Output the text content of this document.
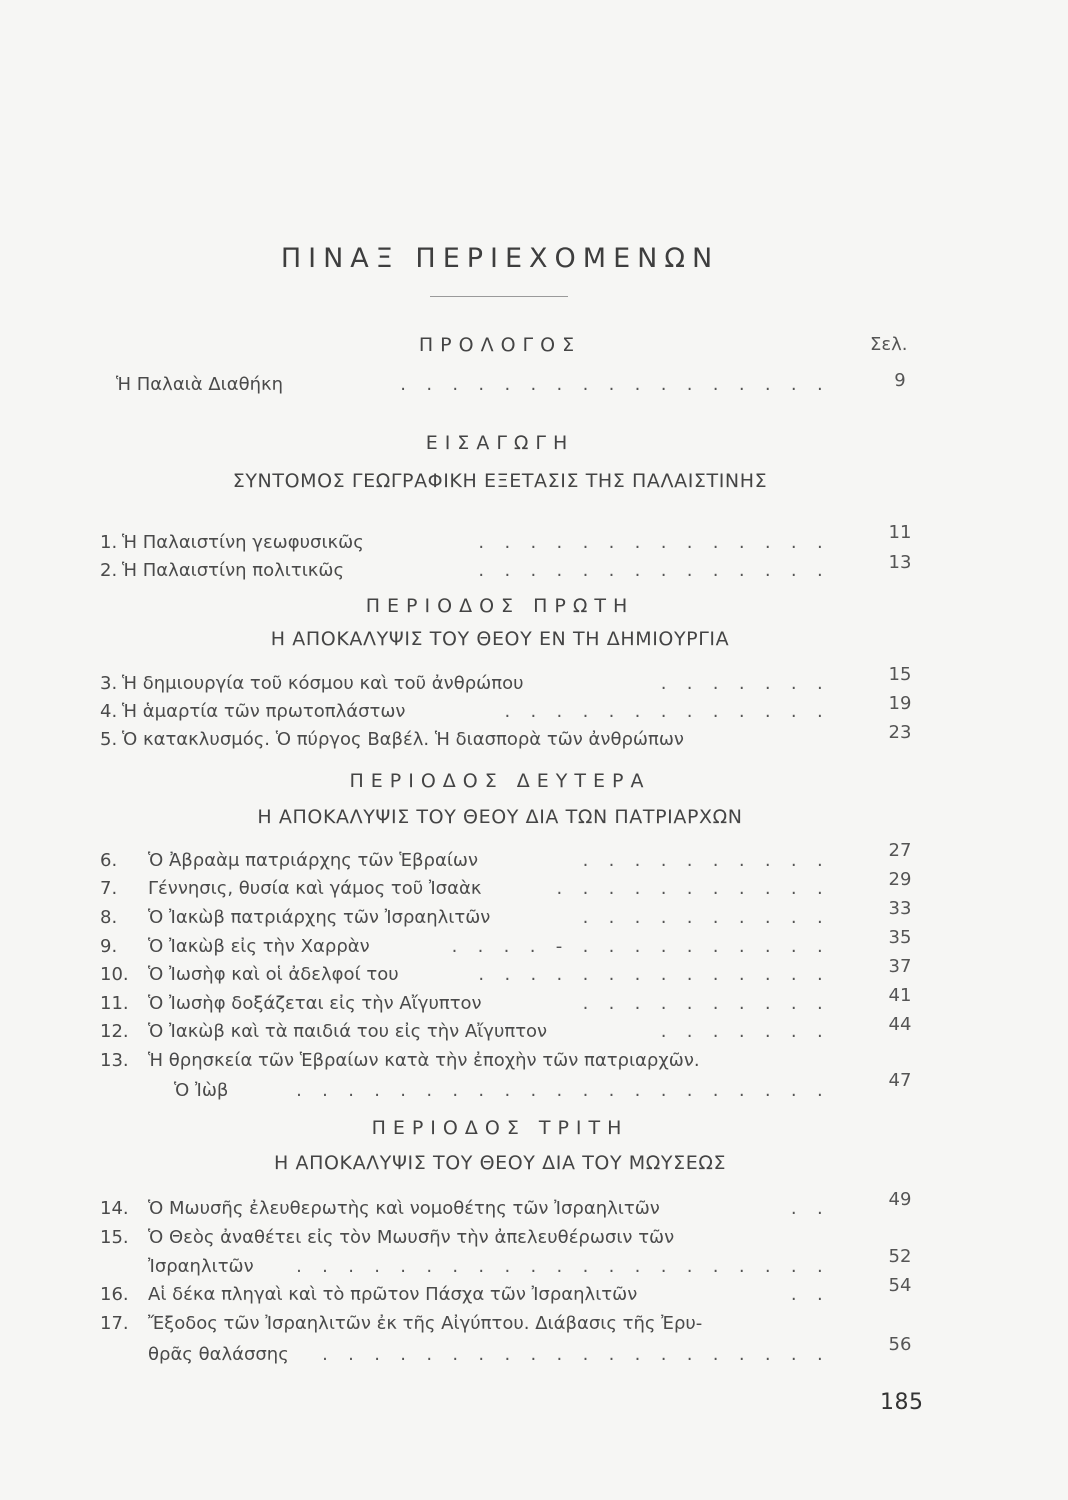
ΠΙΝΑΞ ΠΕΡΙΕΧΟΜΕΝΩΝ
ΠΡΟΛΟΓΟΣ	Σελ.
Ἡ Παλαιὰ Διαθήκη	. . . . . . . . . . . . . . . . .	9
ΕΙΣΑΓΩΓΗ
ΣΥΝΤΟΜΟΣ ΓΕΩΓΡΑΦΙΚΗ ΕΞΕΤΑΣΙΣ ΤΗΣ ΠΑΛΑΙΣΤΙΝΗΣ
1. Ἡ Παλαιστίνη γεωφυσικῶς	. . . . . . . . . . . . . .	11
2. Ἡ Παλαιστίνη πολιτικῶς	. . . . . . . . . . . . . .	13
ΠΕΡΙΟΔΟΣ ΠΡΩΤΗ
Η ΑΠΟΚΑΛΥΨΙΣ ΤΟΥ ΘΕΟΥ ΕΝ ΤΗ ΔΗΜΙΟΥΡΓΙΑ
3. Ἡ δημιουργία τοῦ κόσμου καὶ τοῦ ἀνθρώπου	. . . . . . .	15
4. Ἡ ἁμαρτία τῶν πρωτοπλάστων	. . . . . . . . . . . . .	19
5. Ὁ κατακλυσμός. Ὁ πύργος Βαβέλ. Ἡ διασπορὰ τῶν ἀνθρώπων	23
ΠΕΡΙΟΔΟΣ ΔΕΥΤΕΡΑ
Η ΑΠΟΚΑΛΥΨΙΣ ΤΟΥ ΘΕΟΥ ΔΙΑ ΤΩΝ ΠΑΤΡΙΑΡΧΩΝ
6.	Ὁ Ἀβραὰμ πατριάρχης τῶν Ἑβραίων	. . . . . . . . . .	27
7.	Γέννησις, θυσία καὶ γάμος τοῦ Ἰσαὰκ	. . . . . . . . . . .	29
8.	Ὁ Ἰακὼβ πατριάρχης τῶν Ἰσραηλιτῶν	. . . . . . . . . .	33
9.	Ὁ Ἰακὼβ εἰς τὴν Χαρρὰν	. . . . - . . . . . . . . . .	35
10.	Ὁ Ἰωσὴφ καὶ οἱ ἀδελφοί του	. . . . . . . . . . . . . .	37
11.	Ὁ Ἰωσὴφ δοξάζεται εἰς τὴν Αἴγυπτον	. . . . . . . . . .	41
12.	Ὁ Ἰακὼβ καὶ τὰ παιδιά του εἰς τὴν Αἴγυπτον	. . . . . . .	44
13.	Ἡ θρησκεία τῶν Ἑβραίων κατὰ τὴν ἐποχὴν τῶν πατριαρχῶν.
Ὁ Ἰὼβ	. . . . . . . . . . . . . . . . . . . . .	47
ΠΕΡΙΟΔΟΣ ΤΡΙΤΗ
Η ΑΠΟΚΑΛΥΨΙΣ ΤΟΥ ΘΕΟΥ ΔΙΑ ΤΟΥ ΜΩΥΣΕΩΣ
14.	Ὁ Μωυσῆς ἐλευθερωτὴς καὶ νομοθέτης τῶν Ἰσραηλιτῶν	. .	49
15.	Ὁ Θεὸς ἀναθέτει εἰς τὸν Μωυσῆν τὴν ἀπελευθέρωσιν τῶν
Ἰσραηλιτῶν . . . . . . . . . . . . . . . . . . . . .	52
16.	Αἱ δέκα πληγαὶ καὶ τὸ πρῶτον Πάσχα τῶν Ἰσραηλιτῶν	. .	54
17.	Ἔξοδος τῶν Ἰσραηλιτῶν ἐκ τῆς Αἰγύπτου. Διάβασις τῆς Ἐρυ-
θρᾶς θαλάσσης . . . . . . . . . . . . . . . . . . . .	56
185
